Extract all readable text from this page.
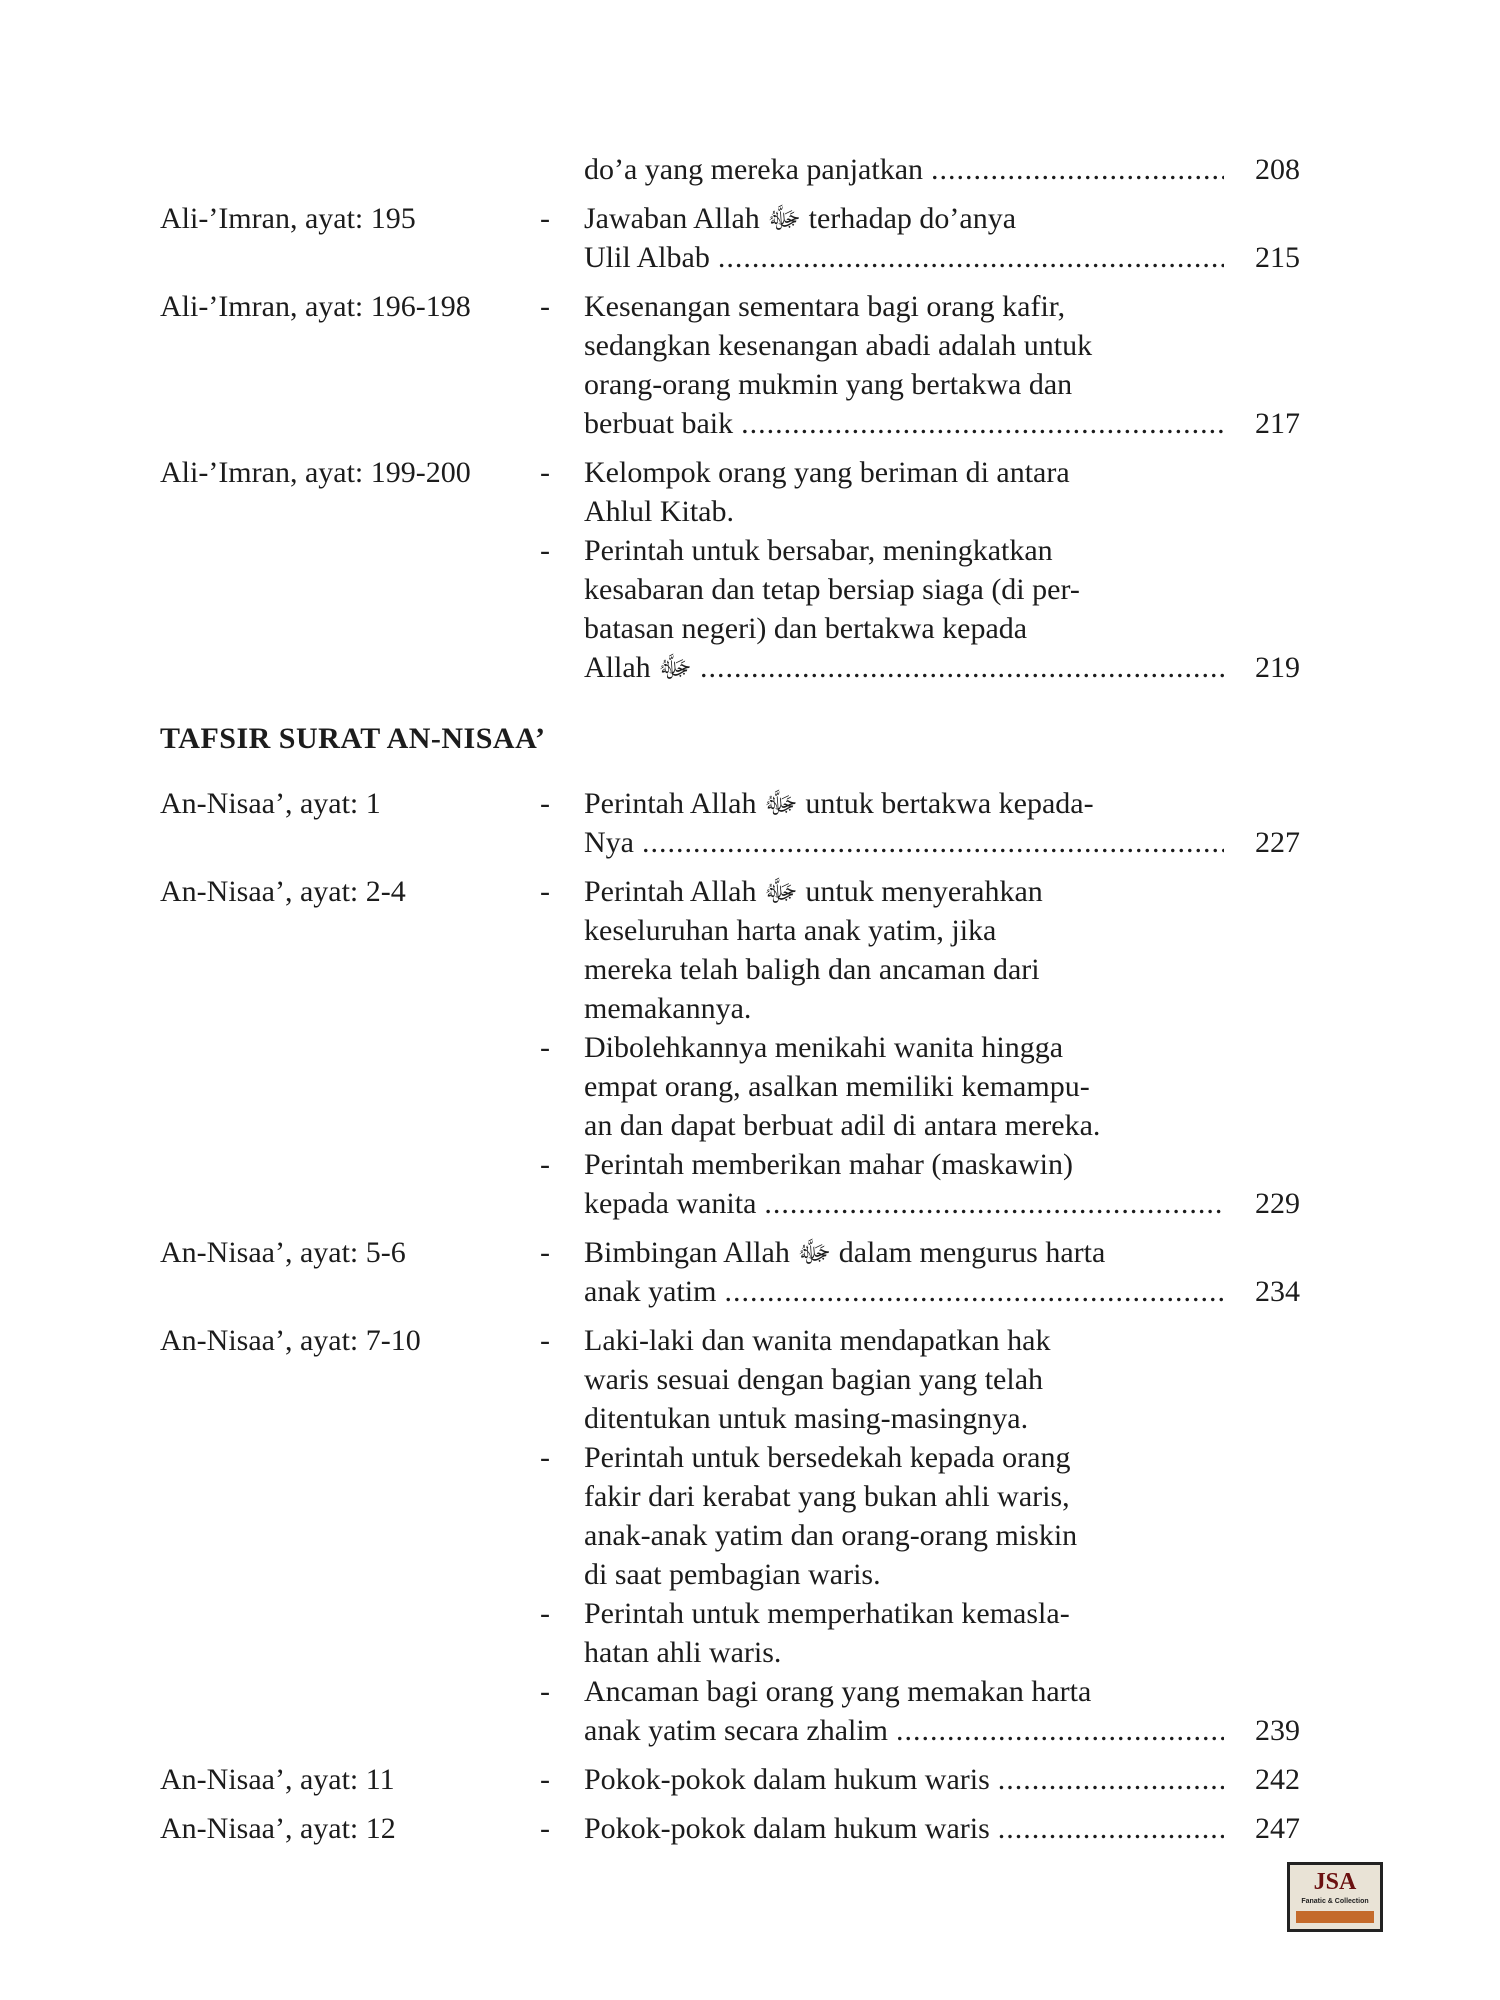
do’a yang mereka panjatkan .....	208
Ali-’Imran, ayat: 195	- Jawaban Allah ﷻ terhadap do’anya
Ulil Albab .....	215
Ali-’Imran, ayat: 196-198 - Kesenangan sementara bagi orang kafir,
sedangkan kesenangan abadi adalah untuk
orang-orang mukmin yang bertakwa dan
berbuat baik .....	217
Ali-’Imran, ayat: 199-200 - Kelompok orang yang beriman di antara
Ahlul Kitab.
- Perintah untuk bersabar, meningkatkan
kesabaran dan tetap bersiap siaga (di per-
batasan negeri) dan bertakwa kepada
Allah ﷻ .....	219
TAFSIR SURAT AN-NISAA’
An-Nisaa’, ayat: 1	- Perintah Allah ﷻ untuk bertakwa kepada-
Nya .....	227
An-Nisaa’, ayat: 2-4	- Perintah Allah ﷻ untuk menyerahkan
keseluruhan harta anak yatim, jika
mereka telah baligh dan ancaman dari
memakannya.
- Dibolehkannya menikahi wanita hingga
empat orang, asalkan memiliki kemampu-
an dan dapat berbuat adil di antara mereka.
- Perintah memberikan mahar (maskawin)
kepada wanita .....	229
An-Nisaa’, ayat: 5-6	- Bimbingan Allah ﷻ dalam mengurus harta
anak yatim .....	234
An-Nisaa’, ayat: 7-10	- Laki-laki dan wanita mendapatkan hak
waris sesuai dengan bagian yang telah
ditentukan untuk masing-masingnya.
- Perintah untuk bersedekah kepada orang
fakir dari kerabat yang bukan ahli waris,
anak-anak yatim dan orang-orang miskin
di saat pembagian waris.
- Perintah untuk memperhatikan kemasla-
hatan ahli waris.
- Ancaman bagi orang yang memakan harta
anak yatim secara zhalim .....	239
An-Nisaa’, ayat: 11	- Pokok-pokok dalam hukum waris .....	242
An-Nisaa’, ayat: 12	- Pokok-pokok dalam hukum waris .....	247
JSA
Fanatic & Collection
